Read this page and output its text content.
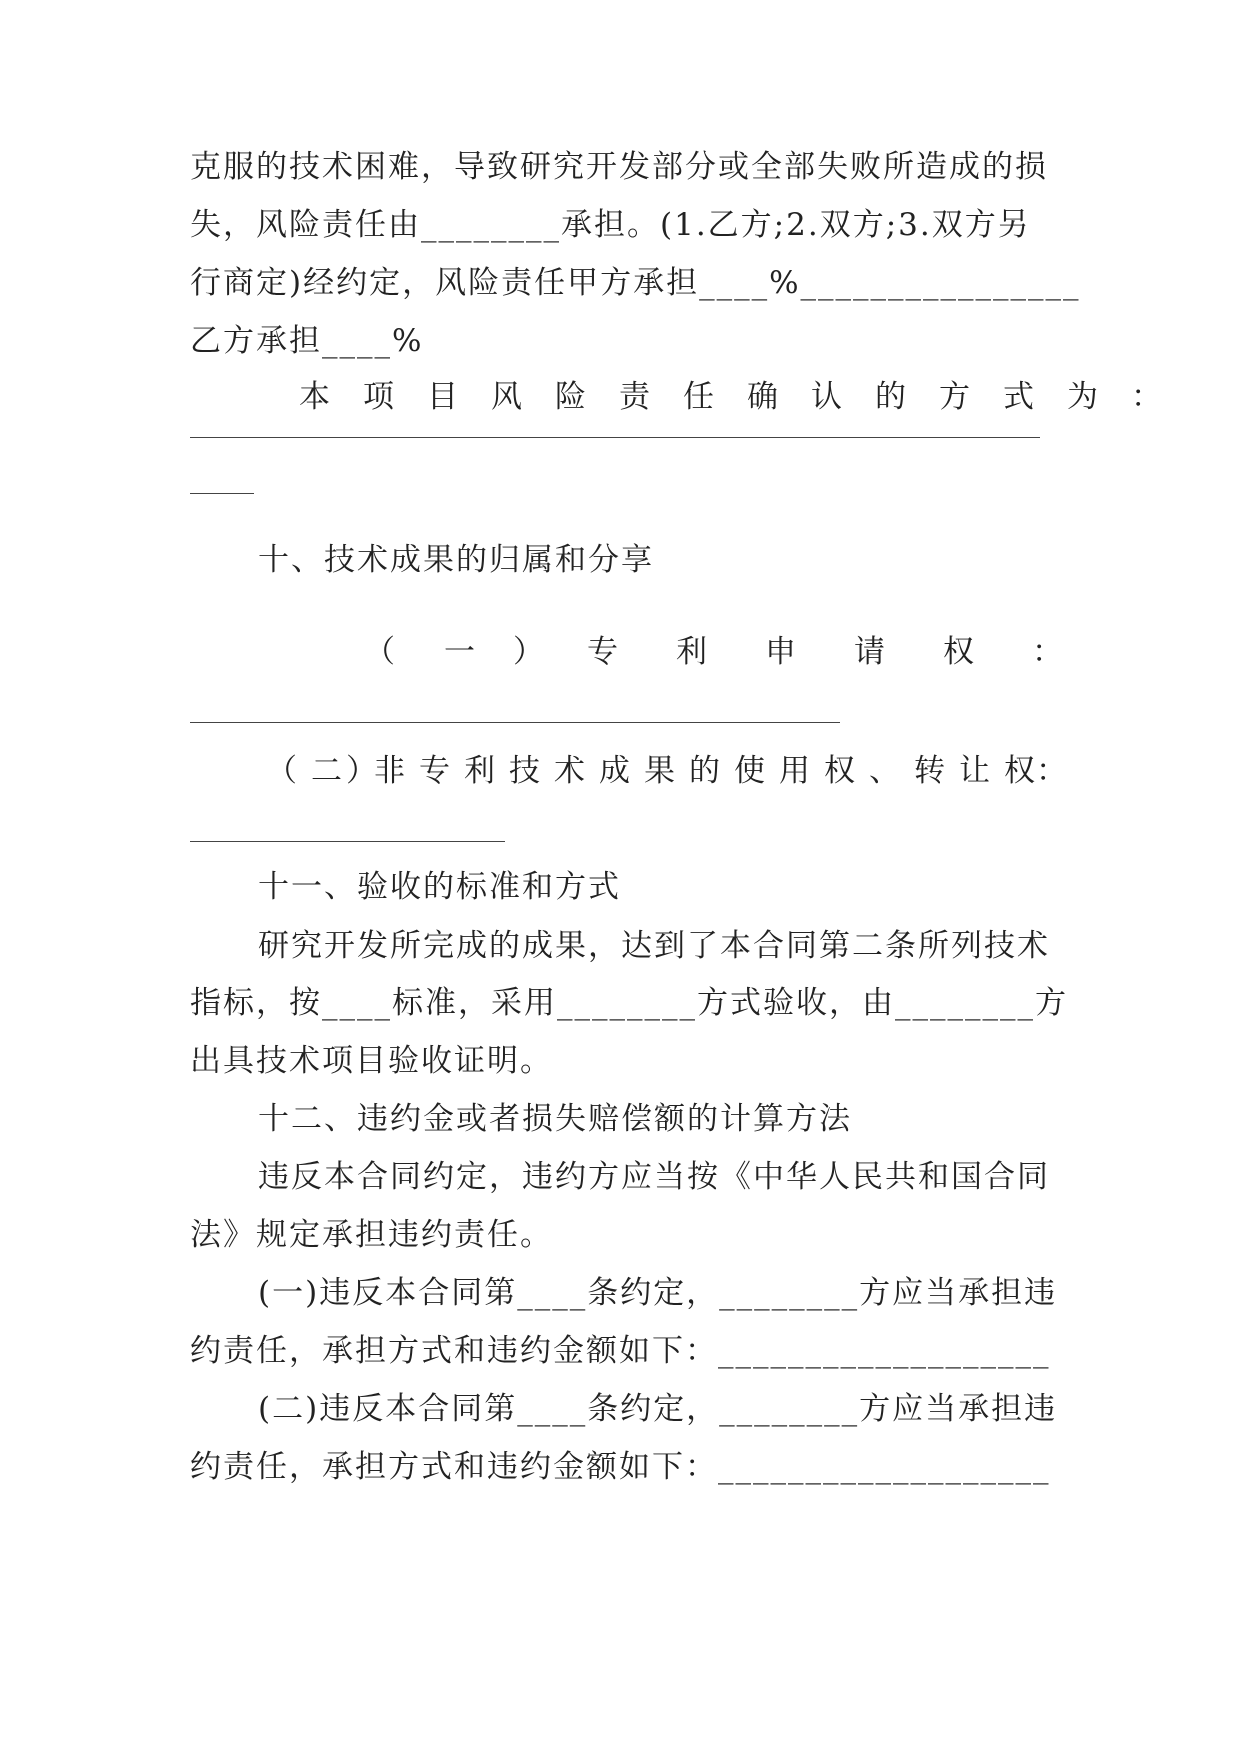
克服的技术困难，导致研究开发部分或全部失败所造成的损
失，风险责任由________承担。(1.乙方;2.双方;3.双方另
行商定)经约定，风险责任甲方承担____%________________
乙方承担____%
本 项 目 风 险 责 任 确 认 的 方 式 为 ：
十、技术成果的归属和分享
（ 一 ） 专 利 申 请 权 ：
（ 二 ）
非 专 利 技 术 成 果 的 使 用 权 、 转 让 权 ：
十一、验收的标准和方式
研究开发所完成的成果，达到了本合同第二条所列技术
指标，按____标准，采用________方式验收，由________方
出具技术项目验收证明。
十二、违约金或者损失赔偿额的计算方法
违反本合同约定，违约方应当按《中华人民共和国合同
法》规定承担违约责任。
(一)违反本合同第____条约定，________方应当承担违
约责任，承担方式和违约金额如下：___________________
(二)违反本合同第____条约定，________方应当承担违
约责任，承担方式和违约金额如下：___________________
